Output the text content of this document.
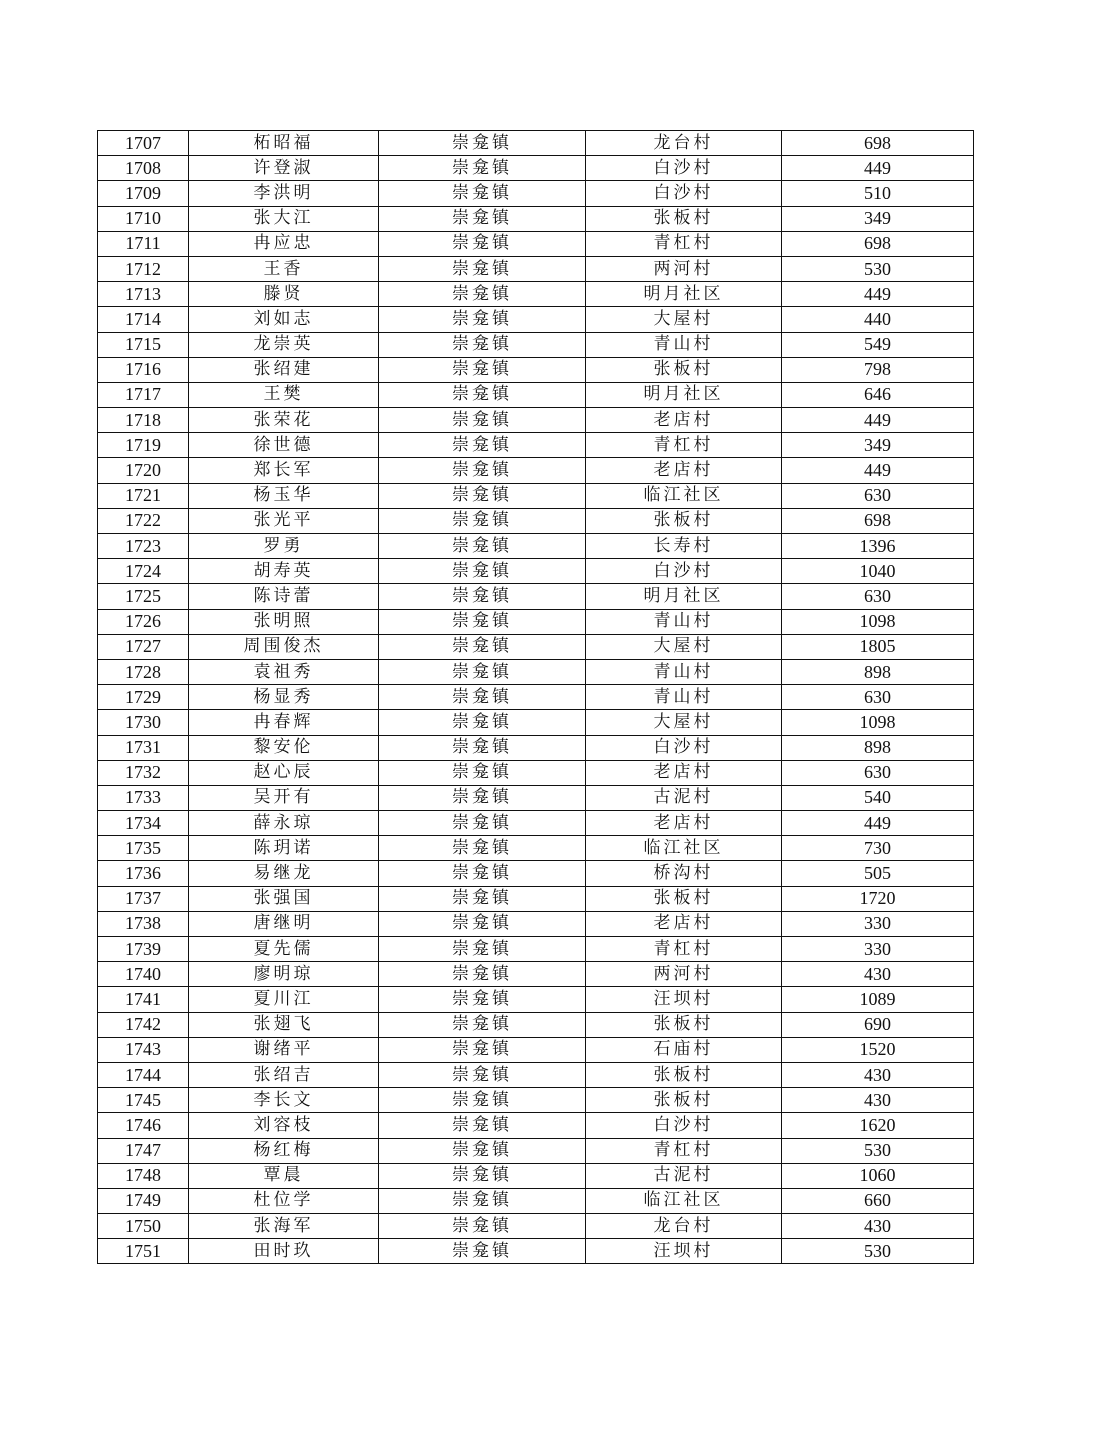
1707	柘昭福	崇龛镇	龙台村	698
1708	许登淑	崇龛镇	白沙村	449
1709	李洪明	崇龛镇	白沙村	510
1710	张大江	崇龛镇	张板村	349
1711	冉应忠	崇龛镇	青杠村	698
1712	王香	崇龛镇	两河村	530
1713	滕贤	崇龛镇	明月社区	449
1714	刘如志	崇龛镇	大屋村	440
1715	龙崇英	崇龛镇	青山村	549
1716	张绍建	崇龛镇	张板村	798
1717	王樊	崇龛镇	明月社区	646
1718	张荣花	崇龛镇	老店村	449
1719	徐世德	崇龛镇	青杠村	349
1720	郑长军	崇龛镇	老店村	449
1721	杨玉华	崇龛镇	临江社区	630
1722	张光平	崇龛镇	张板村	698
1723	罗勇	崇龛镇	长寿村	1396
1724	胡寿英	崇龛镇	白沙村	1040
1725	陈诗蕾	崇龛镇	明月社区	630
1726	张明照	崇龛镇	青山村	1098
1727	周围俊杰	崇龛镇	大屋村	1805
1728	袁祖秀	崇龛镇	青山村	898
1729	杨显秀	崇龛镇	青山村	630
1730	冉春辉	崇龛镇	大屋村	1098
1731	黎安伦	崇龛镇	白沙村	898
1732	赵心辰	崇龛镇	老店村	630
1733	吴开有	崇龛镇	古泥村	540
1734	薛永琼	崇龛镇	老店村	449
1735	陈玥诺	崇龛镇	临江社区	730
1736	易继龙	崇龛镇	桥沟村	505
1737	张强国	崇龛镇	张板村	1720
1738	唐继明	崇龛镇	老店村	330
1739	夏先儒	崇龛镇	青杠村	330
1740	廖明琼	崇龛镇	两河村	430
1741	夏川江	崇龛镇	汪坝村	1089
1742	张翅飞	崇龛镇	张板村	690
1743	谢绪平	崇龛镇	石庙村	1520
1744	张绍吉	崇龛镇	张板村	430
1745	李长文	崇龛镇	张板村	430
1746	刘容枝	崇龛镇	白沙村	1620
1747	杨红梅	崇龛镇	青杠村	530
1748	覃晨	崇龛镇	古泥村	1060
1749	杜位学	崇龛镇	临江社区	660
1750	张海军	崇龛镇	龙台村	430
1751	田时玖	崇龛镇	汪坝村	530
